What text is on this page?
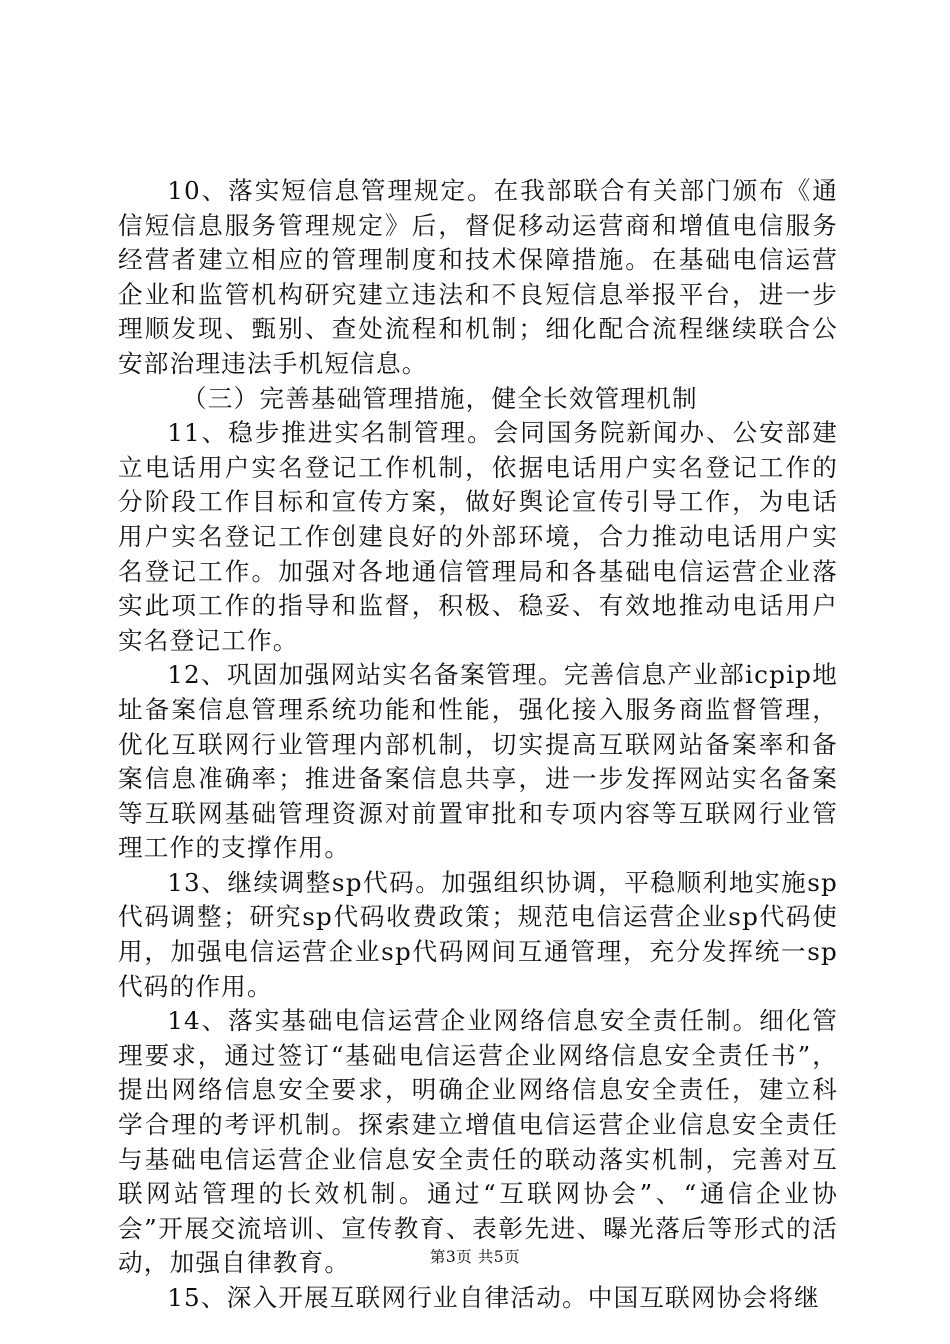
10、落实短信息管理规定。在我部联合有关部门颁布《通信短信息服务管理规定》后，督促移动运营商和增值电信服务经营者建立相应的管理制度和技术保障措施。在基础电信运营企业和监管机构研究建立违法和不良短信息举报平台，进一步理顺发现、甄别、查处流程和机制；细化配合流程继续联合公安部治理违法手机短信息。

（三）完善基础管理措施，健全长效管理机制

11、稳步推进实名制管理。会同国务院新闻办、公安部建立电话用户实名登记工作机制，依据电话用户实名登记工作的分阶段工作目标和宣传方案，做好舆论宣传引导工作，为电话用户实名登记工作创建良好的外部环境，合力推动电话用户实名登记工作。加强对各地通信管理局和各基础电信运营企业落实此项工作的指导和监督，积极、稳妥、有效地推动电话用户实名登记工作。

12、巩固加强网站实名备案管理。完善信息产业部icpip地址备案信息管理系统功能和性能，强化接入服务商监督管理，优化互联网行业管理内部机制，切实提高互联网站备案率和备案信息准确率；推进备案信息共享，进一步发挥网站实名备案等互联网基础管理资源对前置审批和专项内容等互联网行业管理工作的支撑作用。

13、继续调整sp代码。加强组织协调，平稳顺利地实施sp代码调整；研究sp代码收费政策；规范电信运营企业sp代码使用，加强电信运营企业sp代码网间互通管理，充分发挥统一sp代码的作用。

14、落实基础电信运营企业网络信息安全责任制。细化管理要求，通过签订“基础电信运营企业网络信息安全责任书”，提出网络信息安全要求，明确企业网络信息安全责任，建立科学合理的考评机制。探索建立增值电信运营企业信息安全责任与基础电信运营企业信息安全责任的联动落实机制，完善对互联网站管理的长效机制。通过“互联网协会”、“通信企业协会”开展交流培训、宣传教育、表彰先进、曝光落后等形式的活动，加强自律教育。

15、深入开展互联网行业自律活动。中国互联网协会将继

第3页 共5页
